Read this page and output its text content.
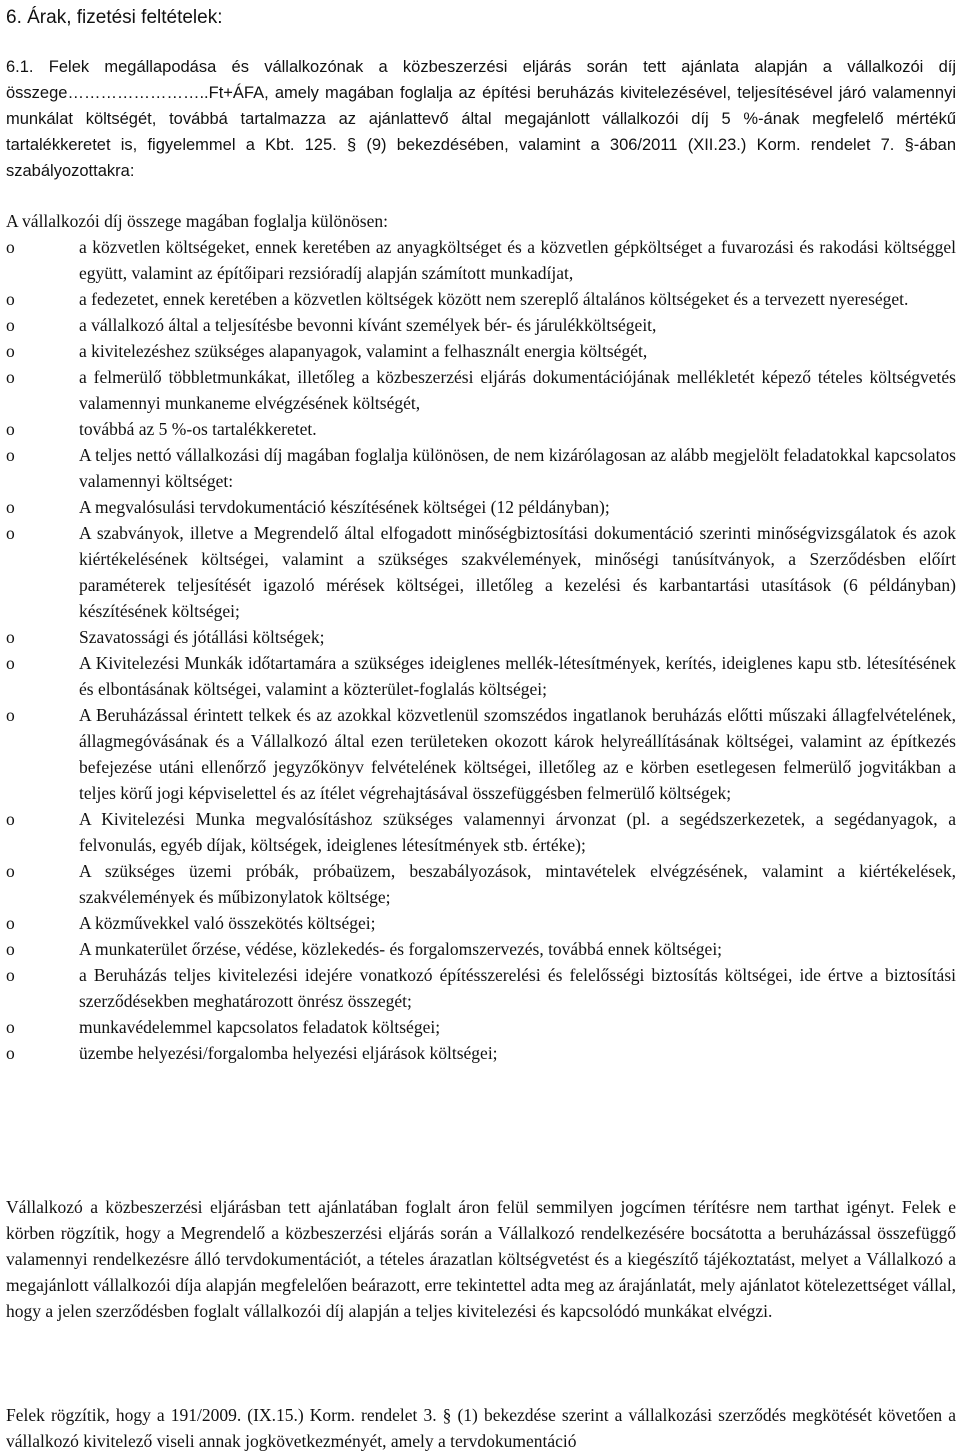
6. Árak, fizetési feltételek:

6.1. Felek megállapodása és vállalkozónak a közbeszerzési eljárás során tett ajánlata alapján a vállalkozói díj összege……………………..Ft+ÁFA, amely magában foglalja az építési beruházás kivitelezésével, teljesítésével járó valamennyi munkálat költségét, továbbá tartalmazza az ajánlattevő által megajánlott vállalkozói díj 5 %-ának megfelelő mértékű tartalékkeretet is, figyelemmel a Kbt. 125. § (9) bekezdésében, valamint a 306/2011 (XII.23.) Korm. rendelet 7. §-ában szabályozottakra:

A vállalkozói díj összege magában foglalja különösen:

o	a közvetlen költségeket, ennek keretében az anyagköltséget és a közvetlen gépköltséget a fuvarozási és rakodási költséggel együtt, valamint az építőipari rezsióradíj alapján számított munkadíjat,
o	a fedezetet, ennek keretében a közvetlen költségek között nem szereplő általános költségeket és a tervezett nyereséget.
o	a vállalkozó által a teljesítésbe bevonni kívánt személyek bér- és járulékköltségeit,
o	a kivitelezéshez szükséges alapanyagok, valamint a felhasznált energia költségét,
o	a felmerülő többletmunkákat, illetőleg a közbeszerzési eljárás dokumentációjának mellékletét képező tételes költségvetés valamennyi munkaneme elvégzésének költségét,
o	továbbá az 5 %-os tartalékkeretet.
o	A teljes nettó vállalkozási díj magában foglalja különösen, de nem kizárólagosan az alább megjelölt feladatokkal kapcsolatos valamennyi költséget:
o	A megvalósulási tervdokumentáció készítésének költségei (12 példányban);
o	A szabványok, illetve a Megrendelő által elfogadott minőségbiztosítási dokumentáció szerinti minőségvizsgálatok és azok kiértékelésének költségei, valamint a szükséges szakvélemények, minőségi tanúsítványok, a Szerződésben előírt paraméterek teljesítését igazoló mérések költségei, illetőleg a kezelési és karbantartási utasítások (6 példányban) készítésének költségei;
o	Szavatossági és jótállási költségek;
o	A Kivitelezési Munkák időtartamára a szükséges ideiglenes mellék-létesítmények, kerítés, ideiglenes kapu stb. létesítésének és elbontásának költségei, valamint a közterület-foglalás költségei;
o	A Beruházással érintett telkek és az azokkal közvetlenül szomszédos ingatlanok beruházás előtti műszaki állagfelvételének, állagmegóvásának és a Vállalkozó által ezen területeken okozott károk helyreállításának költségei, valamint az építkezés befejezése utáni ellenőrző jegyzőkönyv felvételének költségei, illetőleg az e körben esetlegesen felmerülő jogvitákban a teljes körű jogi képviselettel és az ítélet végrehajtásával összefüggésben felmerülő költségek;
o	A Kivitelezési Munka megvalósításhoz szükséges valamennyi árvonzat (pl. a segédszerkezetek, a segédanyagok, a felvonulás, egyéb díjak, költségek, ideiglenes létesítmények stb. értéke);
o	A szükséges üzemi próbák, próbaüzem, beszabályozások, mintavételek elvégzésének, valamint a kiértékelések, szakvélemények és műbizonylatok költsége;
o	A közművekkel való összekötés költségei;
o	A munkaterület őrzése, védése, közlekedés- és forgalomszervezés, továbbá ennek költségei;
o	a Beruházás teljes kivitelezési idejére vonatkozó építésszerelési és felelősségi biztosítás költségei, ide értve a biztosítási szerződésekben meghatározott önrész összegét;
o	munkavédelemmel kapcsolatos feladatok költségei;
o	üzembe helyezési/forgalomba helyezési eljárások költségei;

Vállalkozó a közbeszerzési eljárásban tett ajánlatában foglalt áron felül semmilyen jogcímen térítésre nem tarthat igényt. Felek e körben rögzítik, hogy a Megrendelő a közbeszerzési eljárás során a Vállalkozó rendelkezésére bocsátotta a beruházással összefüggő valamennyi rendelkezésre álló tervdokumentációt, a tételes árazatlan költségvetést és a kiegészítő tájékoztatást, melyet a Vállalkozó a megajánlott vállalkozói díja alapján megfelelően beárazott, erre tekintettel adta meg az árajánlatát, mely ajánlatot kötelezettséget vállal, hogy a jelen szerződésben foglalt vállalkozói díj alapján a teljes kivitelezési és kapcsolódó munkákat elvégzi.

Felek rögzítik, hogy a 191/2009. (IX.15.) Korm. rendelet 3. § (1) bekezdése szerint a vállalkozási szerződés megkötését követően a vállalkozó kivitelező viseli annak jogkövetkezményét, amely a tervdokumentáció
